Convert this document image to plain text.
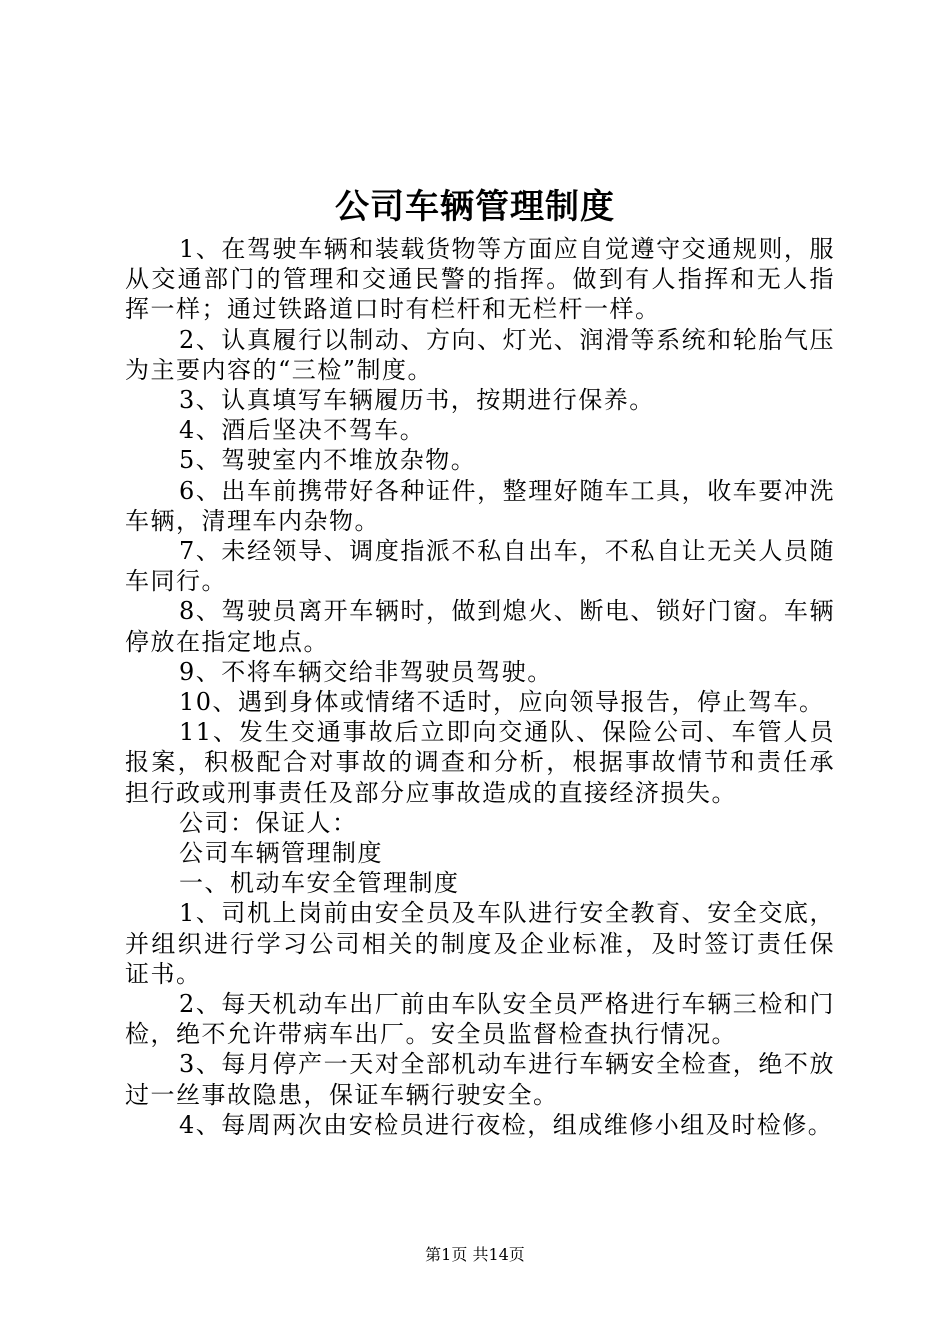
公司车辆管理制度

1、在驾驶车辆和装载货物等方面应自觉遵守交通规则，服从交通部门的管理和交通民警的指挥。做到有人指挥和无人指挥一样；通过铁路道口时有栏杆和无栏杆一样。

2、认真履行以制动、方向、灯光、润滑等系统和轮胎气压为主要内容的“三检”制度。

3、认真填写车辆履历书，按期进行保养。

4、酒后坚决不驾车。

5、驾驶室内不堆放杂物。

6、出车前携带好各种证件，整理好随车工具，收车要冲洗车辆，清理车内杂物。

7、未经领导、调度指派不私自出车，不私自让无关人员随车同行。

8、驾驶员离开车辆时，做到熄火、断电、锁好门窗。车辆停放在指定地点。

9、不将车辆交给非驾驶员驾驶。

10、遇到身体或情绪不适时，应向领导报告，停止驾车。

11、发生交通事故后立即向交通队、保险公司、车管人员报案，积极配合对事故的调查和分析，根据事故情节和责任承担行政或刑事责任及部分应事故造成的直接经济损失。

公司：保证人：

公司车辆管理制度

一、机动车安全管理制度

1、司机上岗前由安全员及车队进行安全教育、安全交底，并组织进行学习公司相关的制度及企业标准，及时签订责任保证书。

2、每天机动车出厂前由车队安全员严格进行车辆三检和门检，绝不允许带病车出厂。安全员监督检查执行情况。

3、每月停产一天对全部机动车进行车辆安全检查，绝不放过一丝事故隐患，保证车辆行驶安全。

4、每周两次由安检员进行夜检，组成维修小组及时检修。

第1页 共14页
